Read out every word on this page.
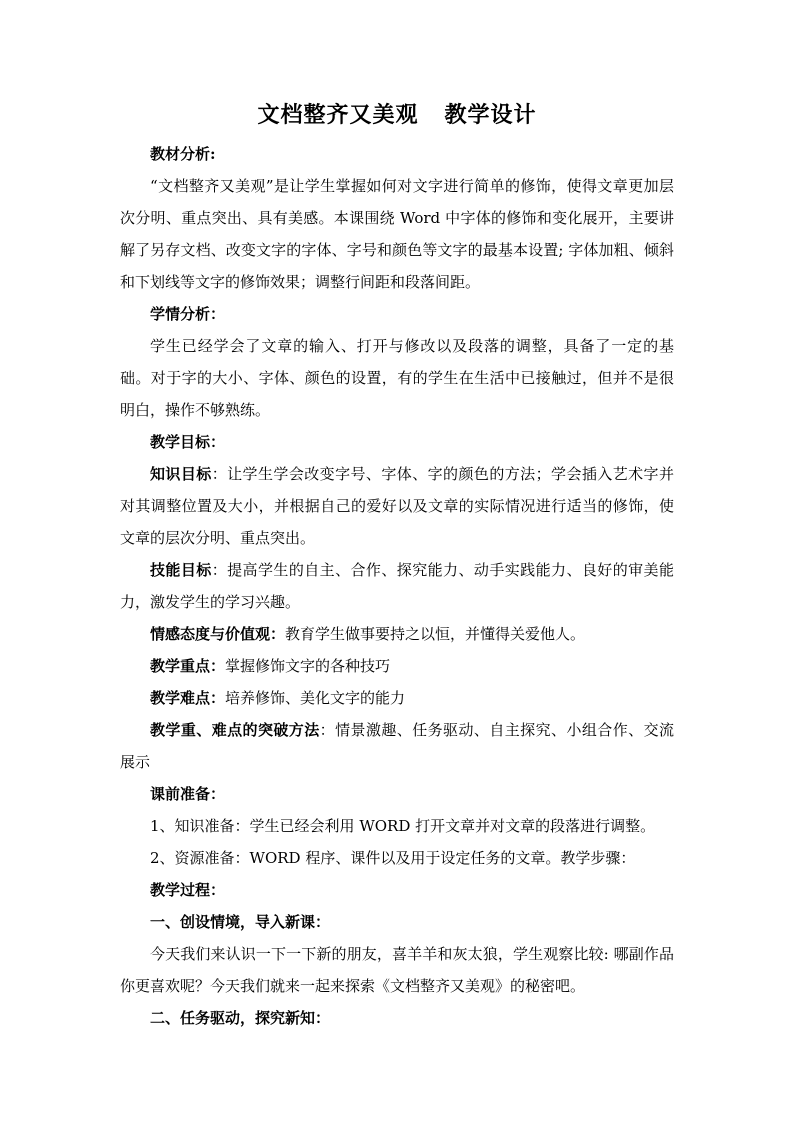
文档整齐又美观 教学设计

教材分析:

“文档整齐又美观”是让学生掌握如何对文字进行简单的修饰，使得文章更加层次分明、重点突出、具有美感。本课围绕 Word 中字体的修饰和变化展开，主要讲解了另存文档、改变文字的字体、字号和颜色等文字的最基本设置; 字体加粗、倾斜和下划线等文字的修饰效果；调整行间距和段落间距。

学情分析：

学生已经学会了文章的输入、打开与修改以及段落的调整，具备了一定的基础。对于字的大小、字体、颜色的设置，有的学生在生活中已接触过，但并不是很明白，操作不够熟练。

教学目标：

知识目标：让学生学会改变字号、字体、字的颜色的方法；学会插入艺术字并对其调整位置及大小，并根据自己的爱好以及文章的实际情况进行适当的修饰，使文章的层次分明、重点突出。

技能目标：提高学生的自主、合作、探究能力、动手实践能力、良好的审美能力，激发学生的学习兴趣。

情感态度与价值观：教育学生做事要持之以恒，并懂得关爱他人。

教学重点：掌握修饰文字的各种技巧

教学难点：培养修饰、美化文字的能力

教学重、难点的突破方法：情景激趣、任务驱动、自主探究、小组合作、交流展示

课前准备：

1、知识准备：学生已经会利用 WORD 打开文章并对文章的段落进行调整。

2、资源准备：WORD 程序、课件以及用于设定任务的文章。教学步骤：

教学过程：

一、创设情境，导入新课：

今天我们来认识一下一下新的朋友，喜羊羊和灰太狼，学生观察比较: 哪副作品你更喜欢呢？今天我们就来一起来探索《文档整齐又美观》的秘密吧。

二、任务驱动，探究新知：
